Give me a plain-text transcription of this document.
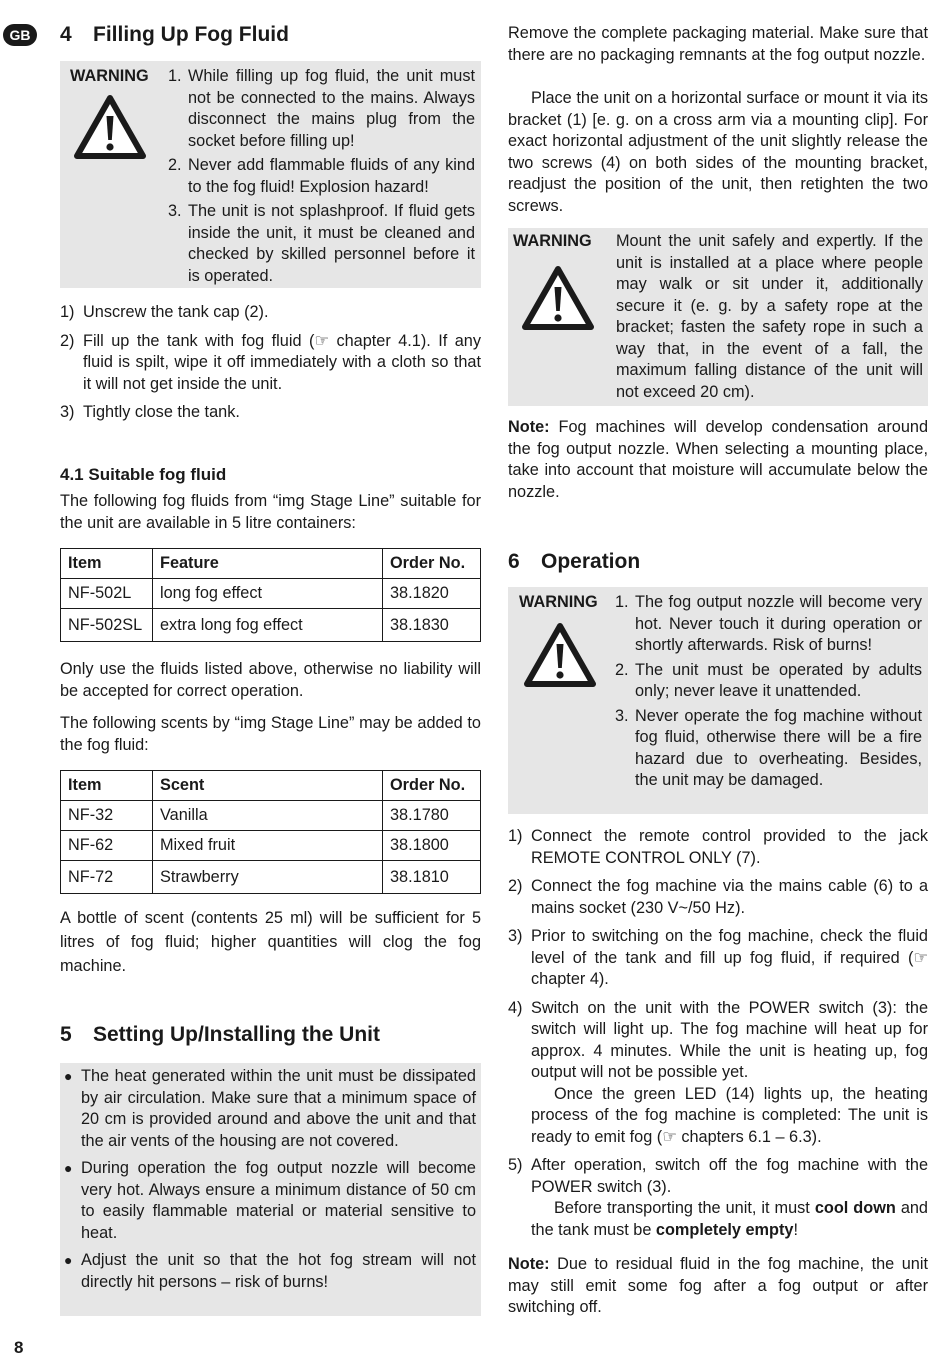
GB	4 Filling Up Fog Fluid
WARNING 1. While filling up fog fluid, the unit must not be connected to the mains. Always disconnect the mains plug from the socket before filling up!
2. Never add flammable fluids of any kind to the fog fluid! Explosion hazard!
3. The unit is not splashproof. If fluid gets inside the unit, it must be cleaned and checked by skilled personnel before it is operated.
1) Unscrew the tank cap (2).
2) Fill up the tank with fog fluid (☞ chapter 4.1). If any fluid is spilt, wipe it off immediately with a cloth so that it will not get inside the unit.
3) Tightly close the tank.
4.1 Suitable fog fluid

The following fog fluids from “img Stage Line” suitable for the unit are available in 5 litre containers:

Item	Feature	Order No.
NF-502L	long fog effect	38.1820
NF-502SL	extra long fog effect	38.1830

Only use the fluids listed above, otherwise no liability will be accepted for correct operation.

The following scents by “img Stage Line” may be added to the fog fluid:

Item	Scent	Order No.
NF-32	Vanilla	38.1780
NF-62	Mixed fruit	38.1800
NF-72	Strawberry	38.1810

A bottle of scent (contents 25 ml) will be sufficient for 5 litres of fog fluid; higher quantities will clog the fog machine.

5 Setting Up/Installing the Unit
● The heat generated within the unit must be dissipated by air circulation. Make sure that a minimum space of 20 cm is provided around and above the unit and that the air vents of the housing are not covered.
● During operation the fog output nozzle will become very hot. Always ensure a minimum distance of 50 cm to easily flammable material or material sensitive to heat.
● Adjust the unit so that the hot fog stream will not directly hit persons – risk of burns!

Remove the complete packaging material. Make sure that there are no packaging remnants at the fog output nozzle.

Place the unit on a horizontal surface or mount it via its bracket (1) [e. g. on a cross arm via a mounting clip]. For exact horizontal adjustment of the unit slightly release the two screws (4) on both sides of the mounting bracket, readjust the position of the unit, then retighten the two screws.

WARNING Mount the unit safely and expertly. If the unit is installed at a place where people may walk or sit under it, additionally secure it (e. g. by a safety rope at the bracket; fasten the safety rope in such a way that, in the event of a fall, the maximum falling distance of the unit will not exceed 20 cm).

Note: Fog machines will develop condensation around the fog output nozzle. When selecting a mounting place, take into account that moisture will accumulate below the nozzle.

6 Operation
WARNING 1. The fog output nozzle will become very hot. Never touch it during operation or shortly afterwards. Risk of burns!
2. The unit must be operated by adults only; never leave it unattended.
3. Never operate the fog machine without fog fluid, otherwise there will be a fire hazard due to overheating. Besides, the unit may be damaged.
1) Connect the remote control provided to the jack REMOTE CONTROL ONLY (7).
2) Connect the fog machine via the mains cable (6) to a mains socket (230 V~/50 Hz).
3) Prior to switching on the fog machine, check the fluid level of the tank and fill up fog fluid, if required (☞ chapter 4).
4) Switch on the unit with the POWER switch (3): the switch will light up. The fog machine will heat up for approx. 4 minutes. While the unit is heating up, fog output will not be possible yet.
Once the green LED (14) lights up, the heating process of the fog machine is completed: The unit is ready to emit fog (☞ chapters 6.1 – 6.3).
5) After operation, switch off the fog machine with the POWER switch (3).
Before transporting the unit, it must cool down and the tank must be completely empty!

Note: Due to residual fluid in the fog machine, the unit may still emit some fog after a fog output or after switching off.

8
